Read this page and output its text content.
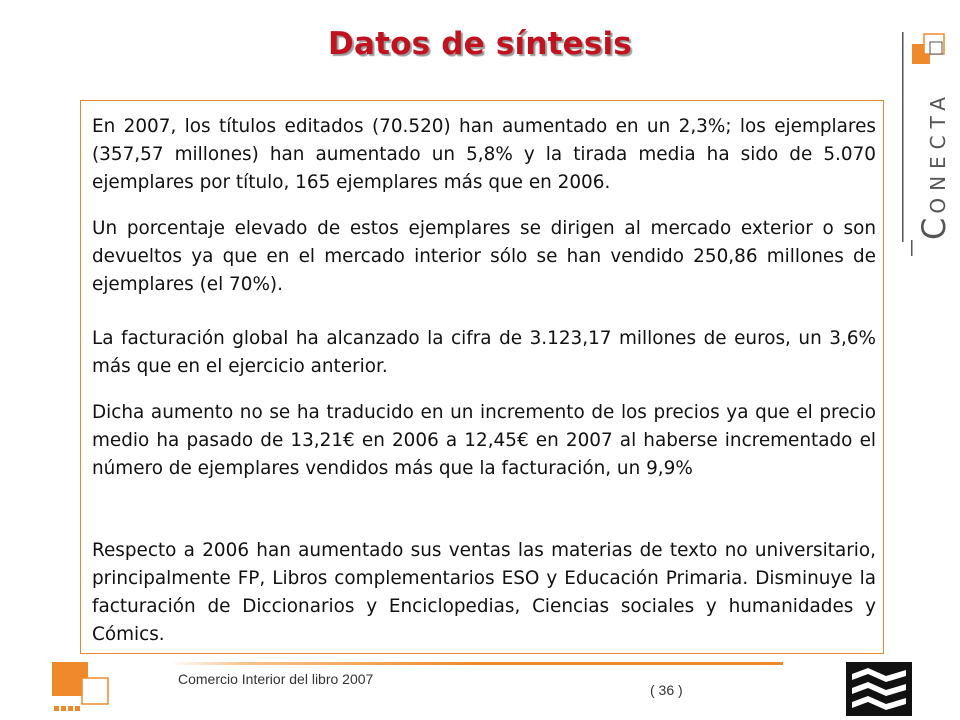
Datos de síntesis

En 2007, los títulos editados (70.520) han aumentado en un 2,3%; los ejemplares (357,57 millones) han aumentado un 5,8% y la tirada media ha sido de 5.070 ejemplares por título, 165 ejemplares más que en 2006.

Un porcentaje elevado de estos ejemplares se dirigen al mercado exterior o son devueltos ya que en el mercado interior sólo se han vendido 250,86 millones de ejemplares (el 70%).

La facturación global ha alcanzado la cifra de 3.123,17 millones de euros, un 3,6% más que en el ejercicio anterior.

Dicha aumento no se ha traducido en un incremento de los precios ya que el precio medio ha pasado de 13,21€ en 2006 a 12,45€ en 2007 al haberse incrementado el número de ejemplares vendidos más que la facturación, un 9,9%

Respecto a 2006 han aumentado sus ventas las materias de texto no universitario, principalmente FP, Libros complementarios ESO y Educación Primaria. Disminuye la facturación de Diccionarios y Enciclopedias, Ciencias sociales y humanidades y Cómics.

CONECTA
Comercio Interior del libro 2007
( 36 )
